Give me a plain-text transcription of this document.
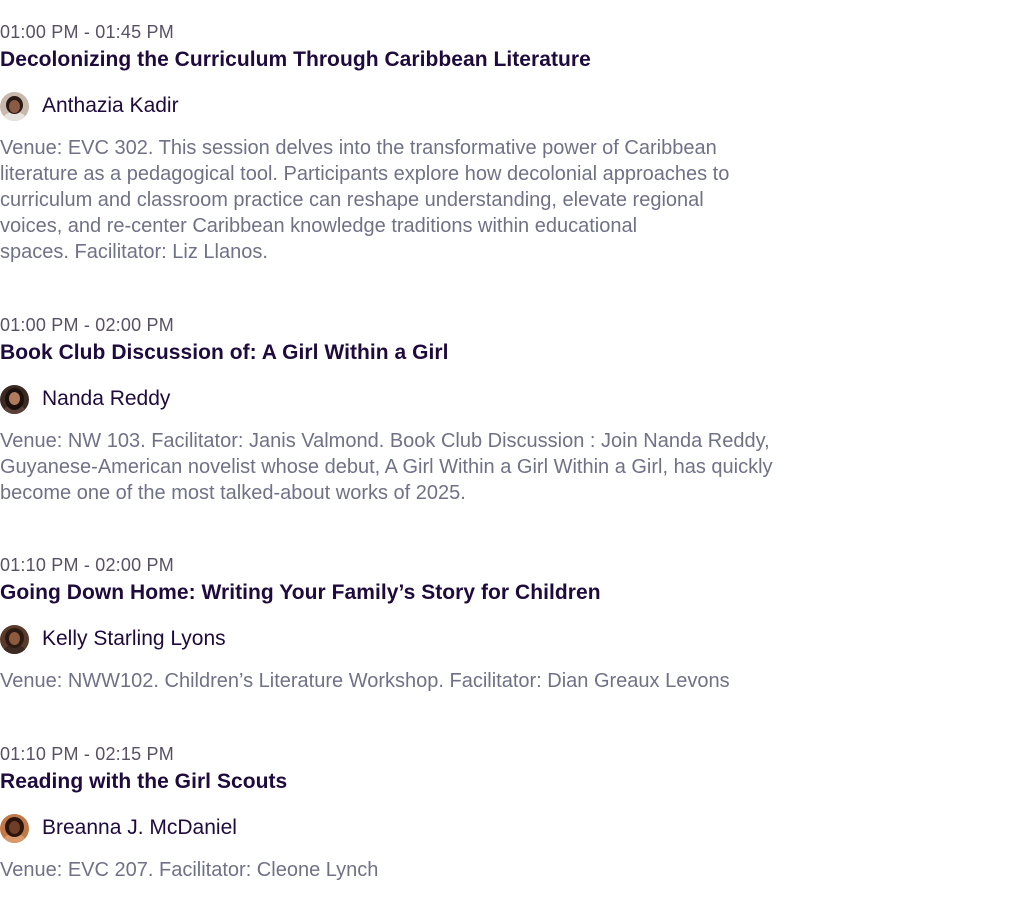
01:00 PM - 01:45 PM
Decolonizing the Curriculum Through Caribbean Literature
Anthazia Kadir
Venue: EVC 302. This session delves into the transformative power of Caribbean
literature as a pedagogical tool. Participants explore how decolonial approaches to
curriculum and classroom practice can reshape understanding, elevate regional
voices, and re-center Caribbean knowledge traditions within educational
spaces. Facilitator: Liz Llanos.
01:00 PM - 02:00 PM
Book Club Discussion of: A Girl Within a Girl
Nanda Reddy
Venue: NW 103. Facilitator: Janis Valmond. Book Club Discussion : Join Nanda Reddy,
Guyanese-American novelist whose debut, A Girl Within a Girl Within a Girl, has quickly
become one of the most talked-about works of 2025.
01:10 PM - 02:00 PM
Going Down Home: Writing Your Family’s Story for Children
Kelly Starling Lyons
Venue: NWW102. Children’s Literature Workshop. Facilitator: Dian Greaux Levons
01:10 PM - 02:15 PM
Reading with the Girl Scouts
Breanna J. McDaniel
Venue: EVC 207. Facilitator: Cleone Lynch
